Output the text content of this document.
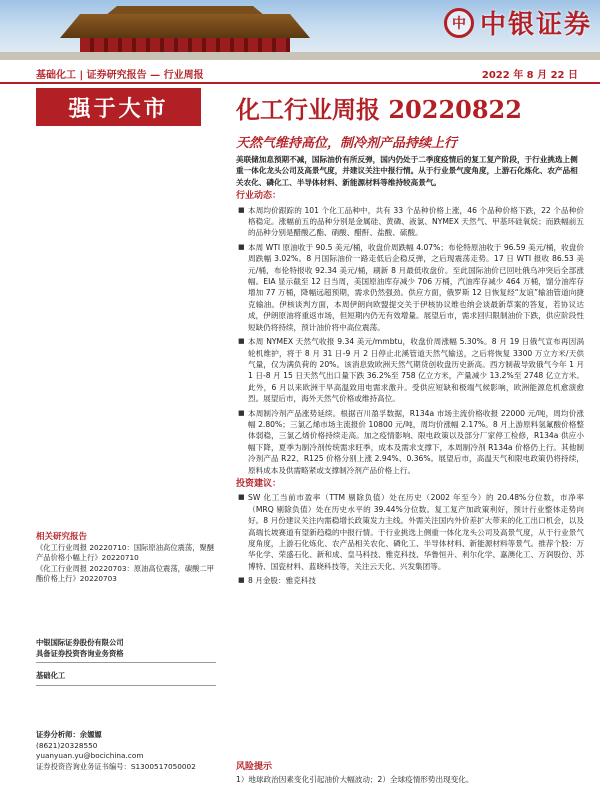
中 中银证券
基础化工 | 证券研究报告 — 行业周报	2022 年 8 月 22 日
强于大市	化工行业周报 20220822
天然气维持高位，制冷剂产品持续上行
美联储加息预期不减，国际油价有所反弹，国内仍处于二季度疫情后的复工复产阶段，于行业挑选上侧重一体化龙头公司及高景气度，并建议关注中报行情。从于行业景气度角度，上游石化炼化、农产品相关农化、磷化工、半导体材料、新能源材料等维持较高景气。
行业动态：
■ 本周均价跟踪的 101 个化工品种中，共有 33 个品种价格上涨，46 个品种价格下跌，22 个品种价格稳定。涨幅前五的品种分别是金属硅、黄磷、液氯、NYMEX 天然气、甲基环硅氧烷；而跌幅前五的品种分别是醋酸乙酯、硝酸、醋酐、盐酸、硫酸。
■ 本周 WTI 原油收于 90.5 美元/桶，收盘价周跌幅 4.07%；布伦特原油收于 96.59 美元/桶，收盘价周跌幅 3.02%。8 月国际油价一路走低后企稳反弹，之后现震荡走势。17 日 WTI 报收 86.53 美元/桶，布伦特报收 92.34 美元/桶，刷新 8 月最低收盘价。至此国际油价已回吐俄乌冲突后全部涨幅。EIA 显示截至 12 日当周，美国原油库存减少 706 万桶，汽油库存减少 464 万桶，馏分油库存增加 77 万桶，降幅远超预期，需求仍然强劲。供应方面，俄罗斯 12 日恢复经“友谊”输油管道向捷克输油。伊核谈判方面，本周伊朗向欧盟提交关于伊核协议维也纳会谈最新草案的答复，若协议达成，伊朗原油将重返市场，但短期内仍无有效增量。展望后市，需求回归限制油价下跌，供应阶段性短缺仍将持续，预计油价将中高位震荡。
■ 本周 NYMEX 天然气收报 9.34 美元/mmbtu，收盘价周涨幅 5.30%。8 月 19 日俄气宣布再因涡轮机维护，将于 8 月 31 日-9 月 2 日停止北溪管道天然气输送，之后将恢复 3300 万立方米/天供气量，仅为满负荷的 20%。该消息致欧洲天然气期货创收盘历史新高。西方制裁导致俄气今年 1 月 1 日-8 月 15 日天然气出口量下跌 36.2%至 758 亿立方米，产量减少 13.2%至 2748 亿立方米。此外，6 月以来欧洲干旱高温致用电需求激升。受供应短缺和极端气候影响，欧洲能源危机愈演愈烈。展望后市，海外天然气价格或维持高位。
■ 本周制冷剂产品涨势延续。根据百川盈孚数据，R134a 市场主流价格收报 22000 元/吨，周均价涨幅 2.80%；三氯乙烯市场主流报价 10800 元/吨，周均价涨幅 2.17%。8 月上游原料氢氟酸价格整体弱稳，三氯乙烯价格持续走高。加之疫情影响、限电政策以及部分厂家停工检修，R134a 供应小幅下降，夏季为制冷剂传统需求旺季，成本及需求支撑下，本周制冷剂 R134a 价格仍上行。其他制冷剂产品 R22、R125 价格分别上涨 2.94%、0.36%。展望后市，高温天气和限电政策仍将持续，原料成本及供需略紧或支撑制冷剂产品价格上行。
投资建议：
■ SW 化工当前市盈率（TTM 剔除负值）处在历史（2002 年至今）的 20.48%分位数，市净率（MRQ 剔除负值）处在历史水平的 39.44%分位数。复工复产加政策利好，预计行业整体走势向好。8 月份建议关注内需稳增长政策发力主线。外需关注国内外价差扩大带来的化工出口机会，以及高端长坡赛道有望新趋稳的中报行情。于行业挑选上侧重一体化龙头公司及高景气度，从于行业景气度角度，上游石化炼化、农产品相关农化、磷化工、半导体材料、新能源材料等景气。推荐个股：万华化学、荣盛石化、新和成、皇马科技、雅克科技、华鲁恒升、利尔化学、嘉澳化工、万润股份、苏博特、国瓷材料、蓝晓科技等，关注云天化、兴发集团等。
■ 8 月金股：雅克科技
风险提示
1）地球政治因素变化引起油价大幅波动；2）全球疫情形势出现变化。
相关研究报告
《化工行业周报 20220710：国际原油高位震荡，聚醚产品价格小幅上行》20220710
《化工行业周报 20220703：原油高位震荡，碳酸二甲酯价格上行》20220703
中银国际证券股份有限公司
具备证券投资咨询业务资格
基础化工
证券分析师：余嫄嫄
(8621)20328550
yuanyuan.yu@bocichina.com
证券投资咨询业务证书编号：S1300517050002
